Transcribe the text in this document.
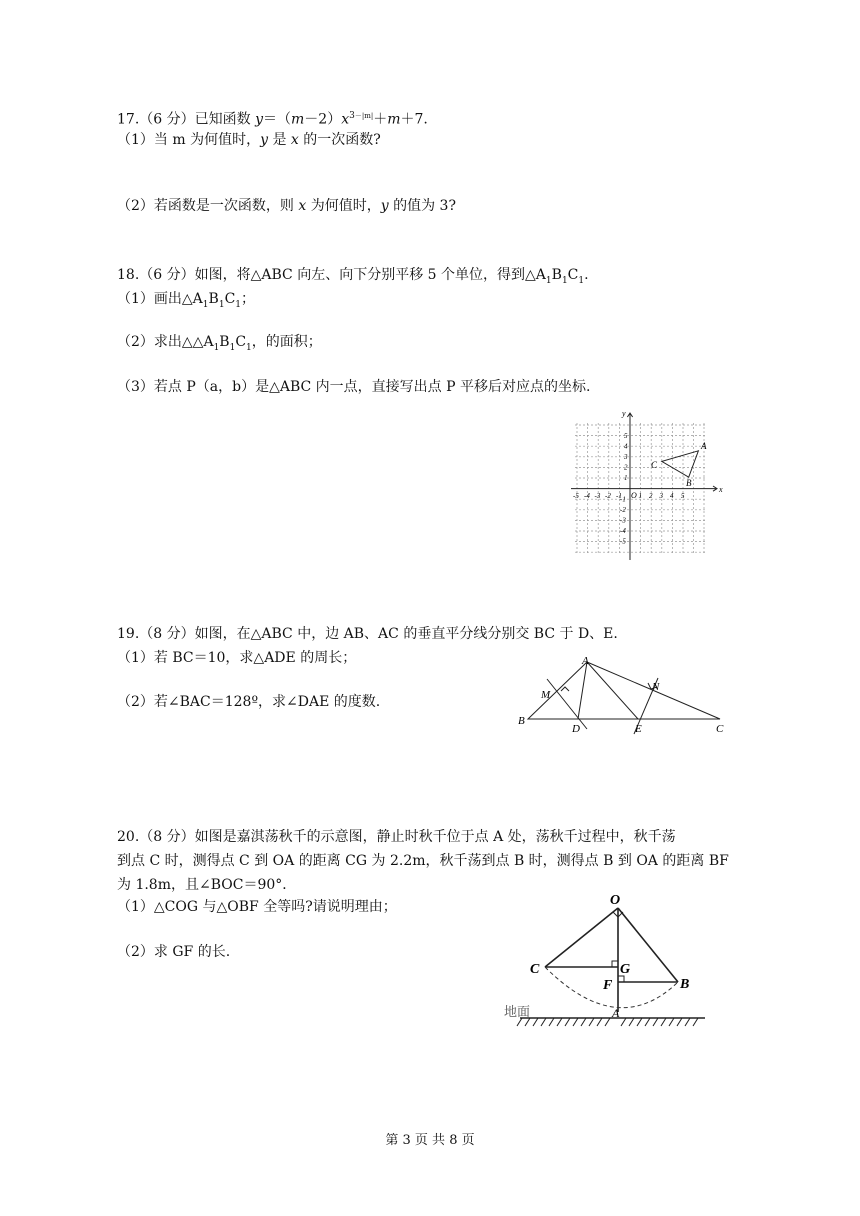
17.（6 分）已知函数 $y=(m-2)x^{3-|m|}+m+7$.
（1）当 m 为何值时，y 是 x 的一次函数?
（2）若函数是一次函数，则 x 为何值时，y 的值为 3?
18.（6 分）如图，将△ABC 向左、向下分别平移 5 个单位，得到$\triangle A_1B_1C_1$.
（1）画出$\triangle A_1B_1C_1$；
（2）求出$\triangle\triangle A_1B_1C_1$，的面积；
（3）若点 P（a，b）是△ABC 内一点，直接写出点 P 平移后对应点的坐标.
x
y
O
-5 -4 -3 -2 -1 1 2 3 4 5
5
4
3
2
1
-1
-2
-3
-4
-5
A
C
B
19.（8 分）如图，在△ABC 中，边 AB、AC 的垂直平分线分别交 BC 于 D、E.
（1）若 BC＝10，求△ADE 的周长；
（2）若∠BAC＝128º，求∠DAE 的度数.
A
B
C
D	E
M
N
20.（8 分）如图是嘉淇荡秋千的示意图，静止时秋千位于点 A 处，荡秋千过程中，秋千荡
到点 C 时，测得点 C 到 OA 的距离 CG 为 2.2m，秋千荡到点 B 时，测得点 B 到 OA 的距离 BF
为 1.8m，且∠BOC＝90°．
（1）△COG 与△OBF 全等吗?请说明理由；
（2）求 GF 的长.
O
C	G
F	B
A
地面
第 3 页 共 8 页
